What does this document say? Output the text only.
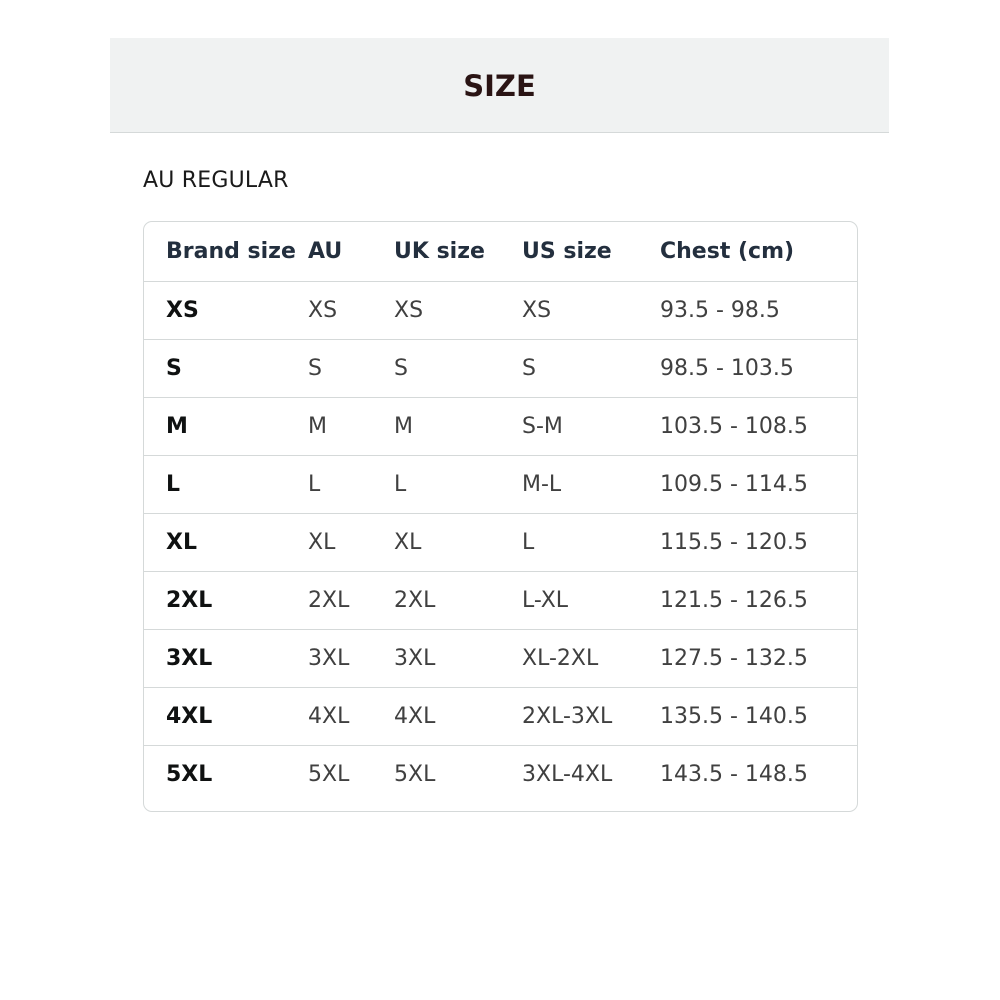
SIZE
AU REGULAR
Brand size	AU	UK size	US size	Chest (cm)
XS	XS	XS	XS	93.5 - 98.5
S	S	S	S	98.5 - 103.5
M	M	M	S-M	103.5 - 108.5
L	L	L	M-L	109.5 - 114.5
XL	XL	XL	L	115.5 - 120.5
2XL	2XL	2XL	L-XL	121.5 - 126.5
3XL	3XL	3XL	XL-2XL	127.5 - 132.5
4XL	4XL	4XL	2XL-3XL	135.5 - 140.5
5XL	5XL	5XL	3XL-4XL	143.5 - 148.5
